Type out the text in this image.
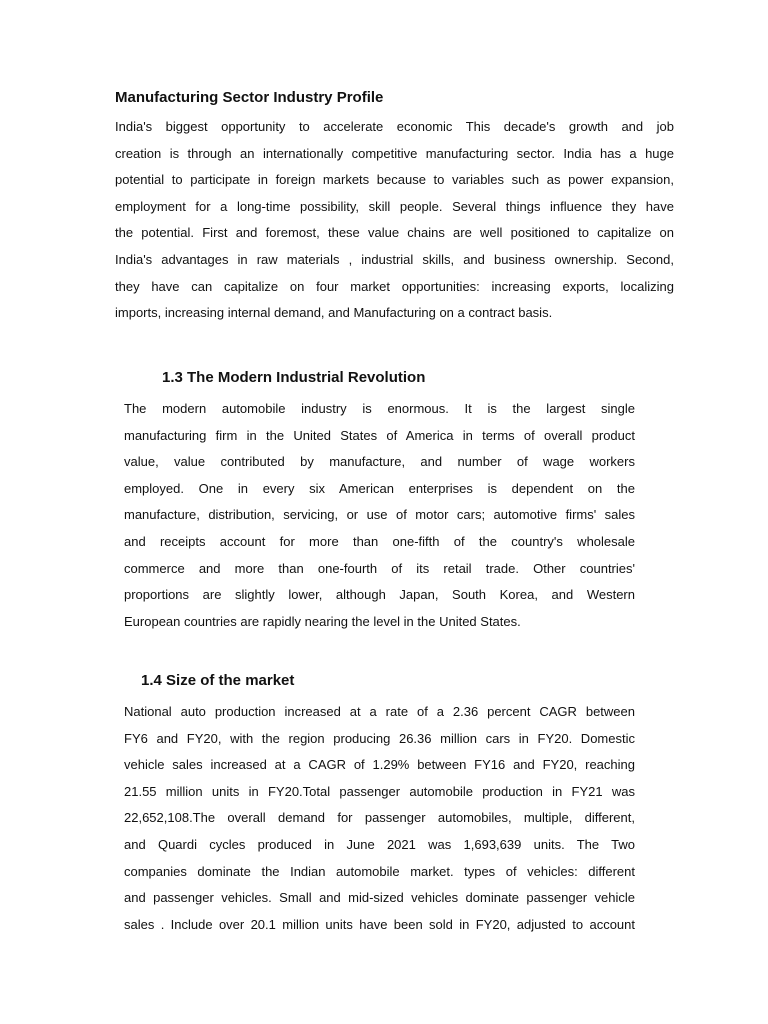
Manufacturing Sector Industry Profile
India's biggest opportunity to accelerate economic This decade's growth and job
creation is through an internationally competitive manufacturing sector. India has a huge
potential to participate in foreign markets because to variables such as power expansion,
employment for a long-time possibility, skill people. Several things influence they have
the potential. First and foremost, these value chains are well positioned to capitalize on
India's advantages in raw materials , industrial skills, and business ownership. Second,
they have can capitalize on four market opportunities: increasing exports, localizing
imports, increasing internal demand, and Manufacturing on a contract basis.
1.3 The Modern Industrial Revolution
The modern automobile industry is enormous. It is the largest single
manufacturing firm in the United States of America in terms of overall product
value, value contributed by manufacture, and number of wage workers
employed. One in every six American enterprises is dependent on the
manufacture, distribution, servicing, or use of motor cars; automotive firms' sales
and receipts account for more than one-fifth of the country's wholesale
commerce and more than one-fourth of its retail trade. Other countries'
proportions are slightly lower, although Japan, South Korea, and Western
European countries are rapidly nearing the level in the United States.
1.4 Size of the market
National auto production increased at a rate of a 2.36 percent CAGR between
FY6 and FY20, with the region producing 26.36 million cars in FY20. Domestic
vehicle sales increased at a CAGR of 1.29% between FY16 and FY20, reaching
21.55 million units in FY20.Total passenger automobile production in FY21 was
22,652,108.The overall demand for passenger automobiles, multiple, different,
and Quardi cycles produced in June 2021 was 1,693,639 units. The Two
companies dominate the Indian automobile market. types of vehicles: different
and passenger vehicles. Small and mid-sized vehicles dominate passenger vehicle
sales . Include over 20.1 million units have been sold in FY20, adjusted to account
